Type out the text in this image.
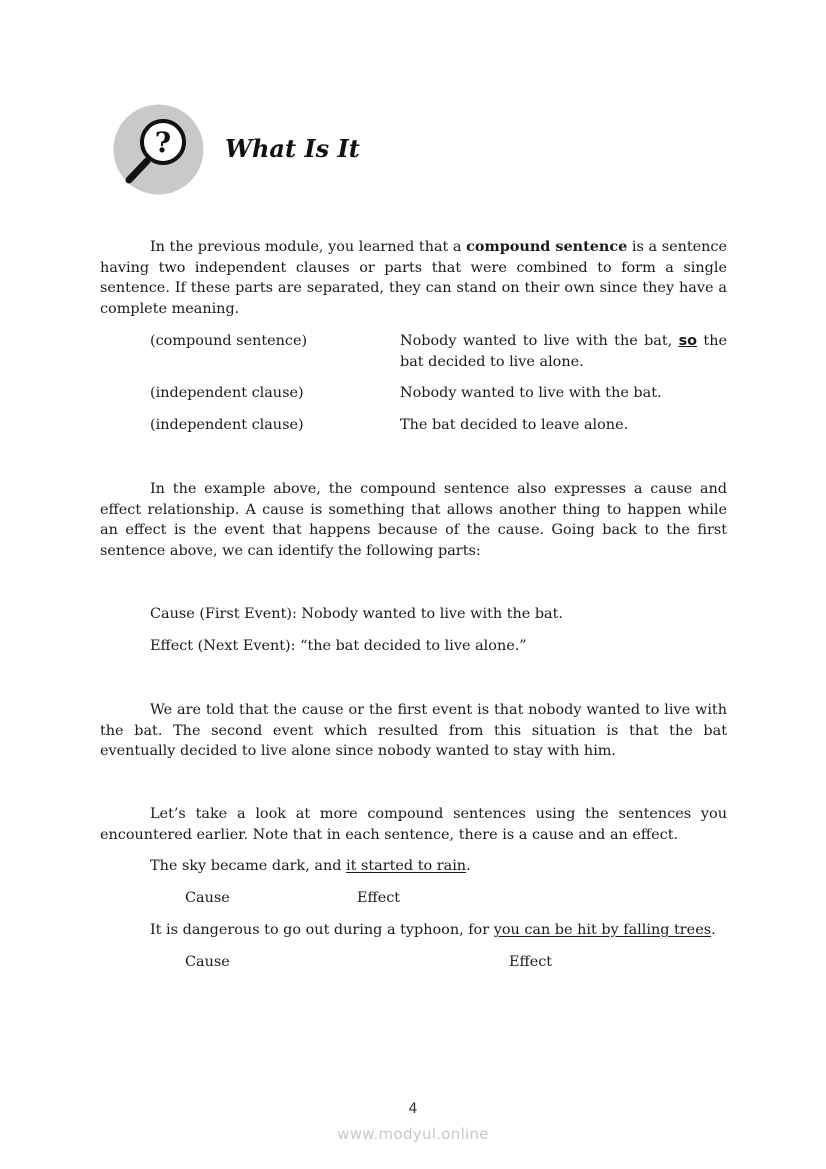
? What Is It
In the previous module, you learned that a compound sentence is a sentence having two independent clauses or parts that were combined to form a single sentence. If these parts are separated, they can stand on their own since they have a complete meaning.
(compound sentence)	Nobody wanted to live with the bat, so the bat decided to live alone.
(independent clause)	Nobody wanted to live with the bat.
(independent clause)	The bat decided to leave alone.
In the example above, the compound sentence also expresses a cause and effect relationship. A cause is something that allows another thing to happen while an effect is the event that happens because of the cause. Going back to the first sentence above, we can identify the following parts:
Cause (First Event): Nobody wanted to live with the bat.
Effect (Next Event): “the bat decided to live alone.”
We are told that the cause or the first event is that nobody wanted to live with the bat. The second event which resulted from this situation is that the bat eventually decided to live alone since nobody wanted to stay with him.
Let’s take a look at more compound sentences using the sentences you encountered earlier. Note that in each sentence, there is a cause and an effect.
The sky became dark, and it started to rain.
Cause	Effect
It is dangerous to go out during a typhoon, for you can be hit by falling trees.
Cause	Effect
4
www.modyul.online
